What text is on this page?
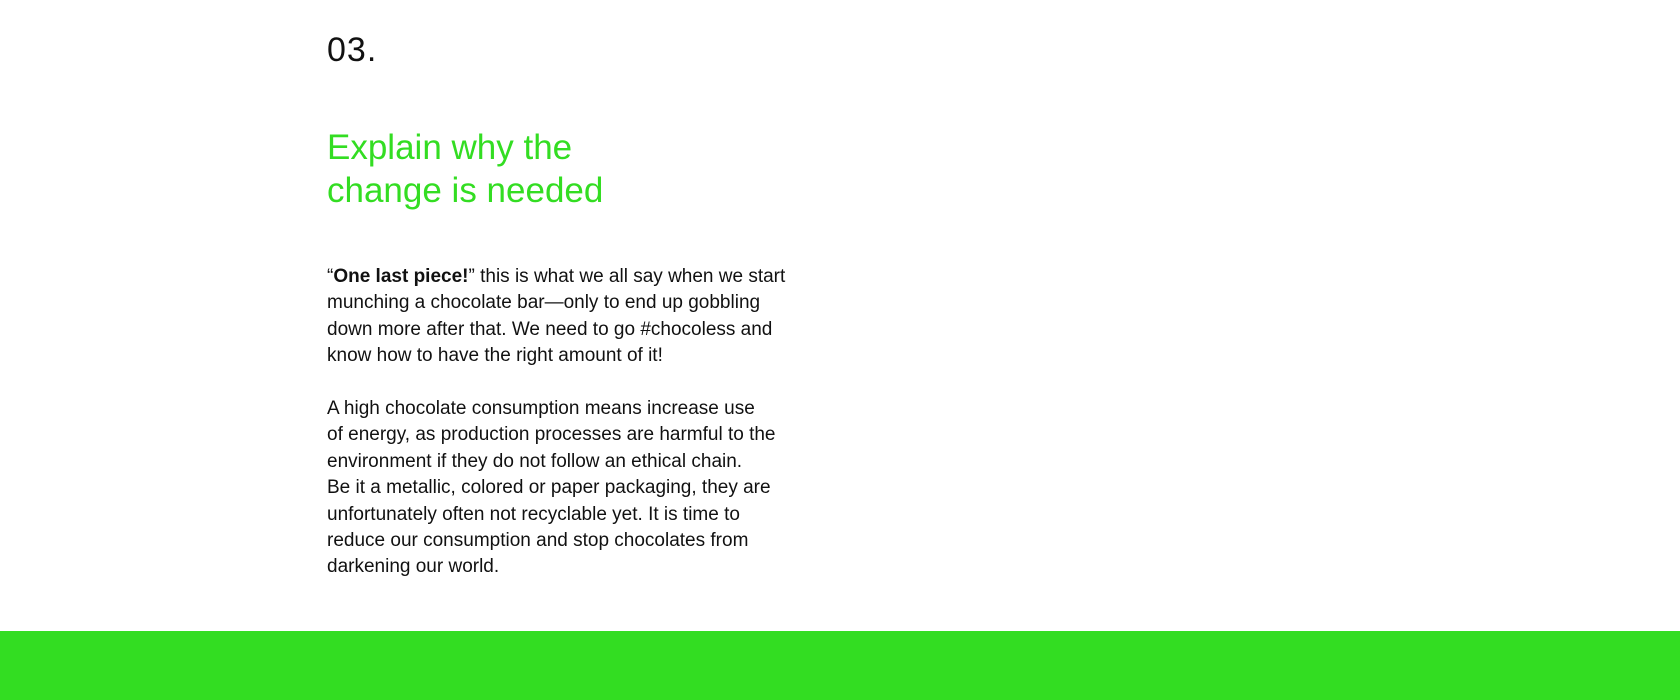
03.
Explain why the
change is needed

“One last piece!” this is what we all say when we start
munching a chocolate bar—only to end up gobbling
down more after that. We need to go #chocoless and
know how to have the right amount of it!

A high chocolate consumption means increase use
of energy, as production processes are harmful to the
environment if they do not follow an ethical chain.
Be it a metallic, colored or paper packaging, they are
unfortunately often not recyclable yet. It is time to
reduce our consumption and stop chocolates from
darkening our world.
